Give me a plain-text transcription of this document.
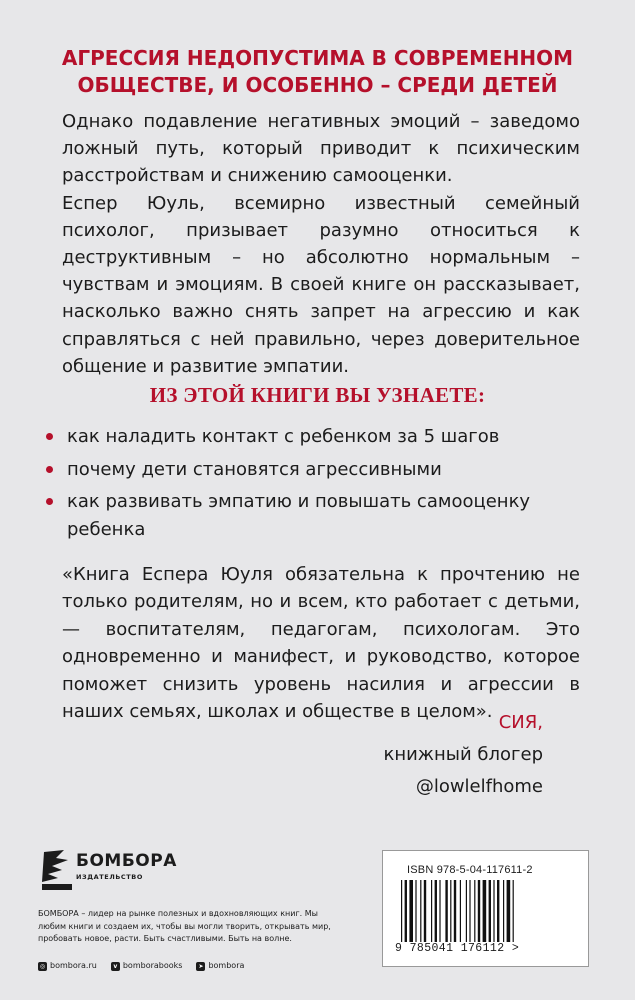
АГРЕССИЯ НЕДОПУСТИМА В СОВРЕМЕННОМ ОБЩЕСТВЕ, И ОСОБЕННО – СРЕДИ ДЕТЕЙ

Однако подавление негативных эмоций – заведомо ложный путь, который приводит к психическим расстройствам и снижению самооценки.

Еспер Юуль, всемирно известный семейный психолог, призывает разумно относиться к деструктивным – но абсолютно нормальным – чувствам и эмоциям. В своей книге он рассказывает, насколько важно снять запрет на агрессию и как справляться с ней правильно, через доверительное общение и развитие эмпатии.

ИЗ ЭТОЙ КНИГИ ВЫ УЗНАЕТЕ:
как наладить контакт с ребенком за 5 шагов
почему дети становятся агрессивными
как развивать эмпатию и повышать самооценку ребенка
«Книга Еспера Юуля обязательна к прочтению не только родителям, но и всем, кто работает с детьми, — воспитателям, педагогам, психологам. Это одновременно и манифест, и руководство, которое поможет снизить уровень насилия и агрессии в наших семьях, школах и обществе в целом».
СИЯ,
книжный блогер
@lowlelfhome
БОМБОРА
ИЗДАТЕЛЬСТВО
БОМБОРА – лидер на рынке полезных и вдохновляющих книг. Мы любим книги и создаем их, чтобы вы могли творить, открывать мир, пробовать новое, расти. Быть счастливыми. Быть на волне.
◎ bombora.ru	v bomborabooks	➤ bombora
ISBN 978-5-04-117611-2
9 785041 176112 >
